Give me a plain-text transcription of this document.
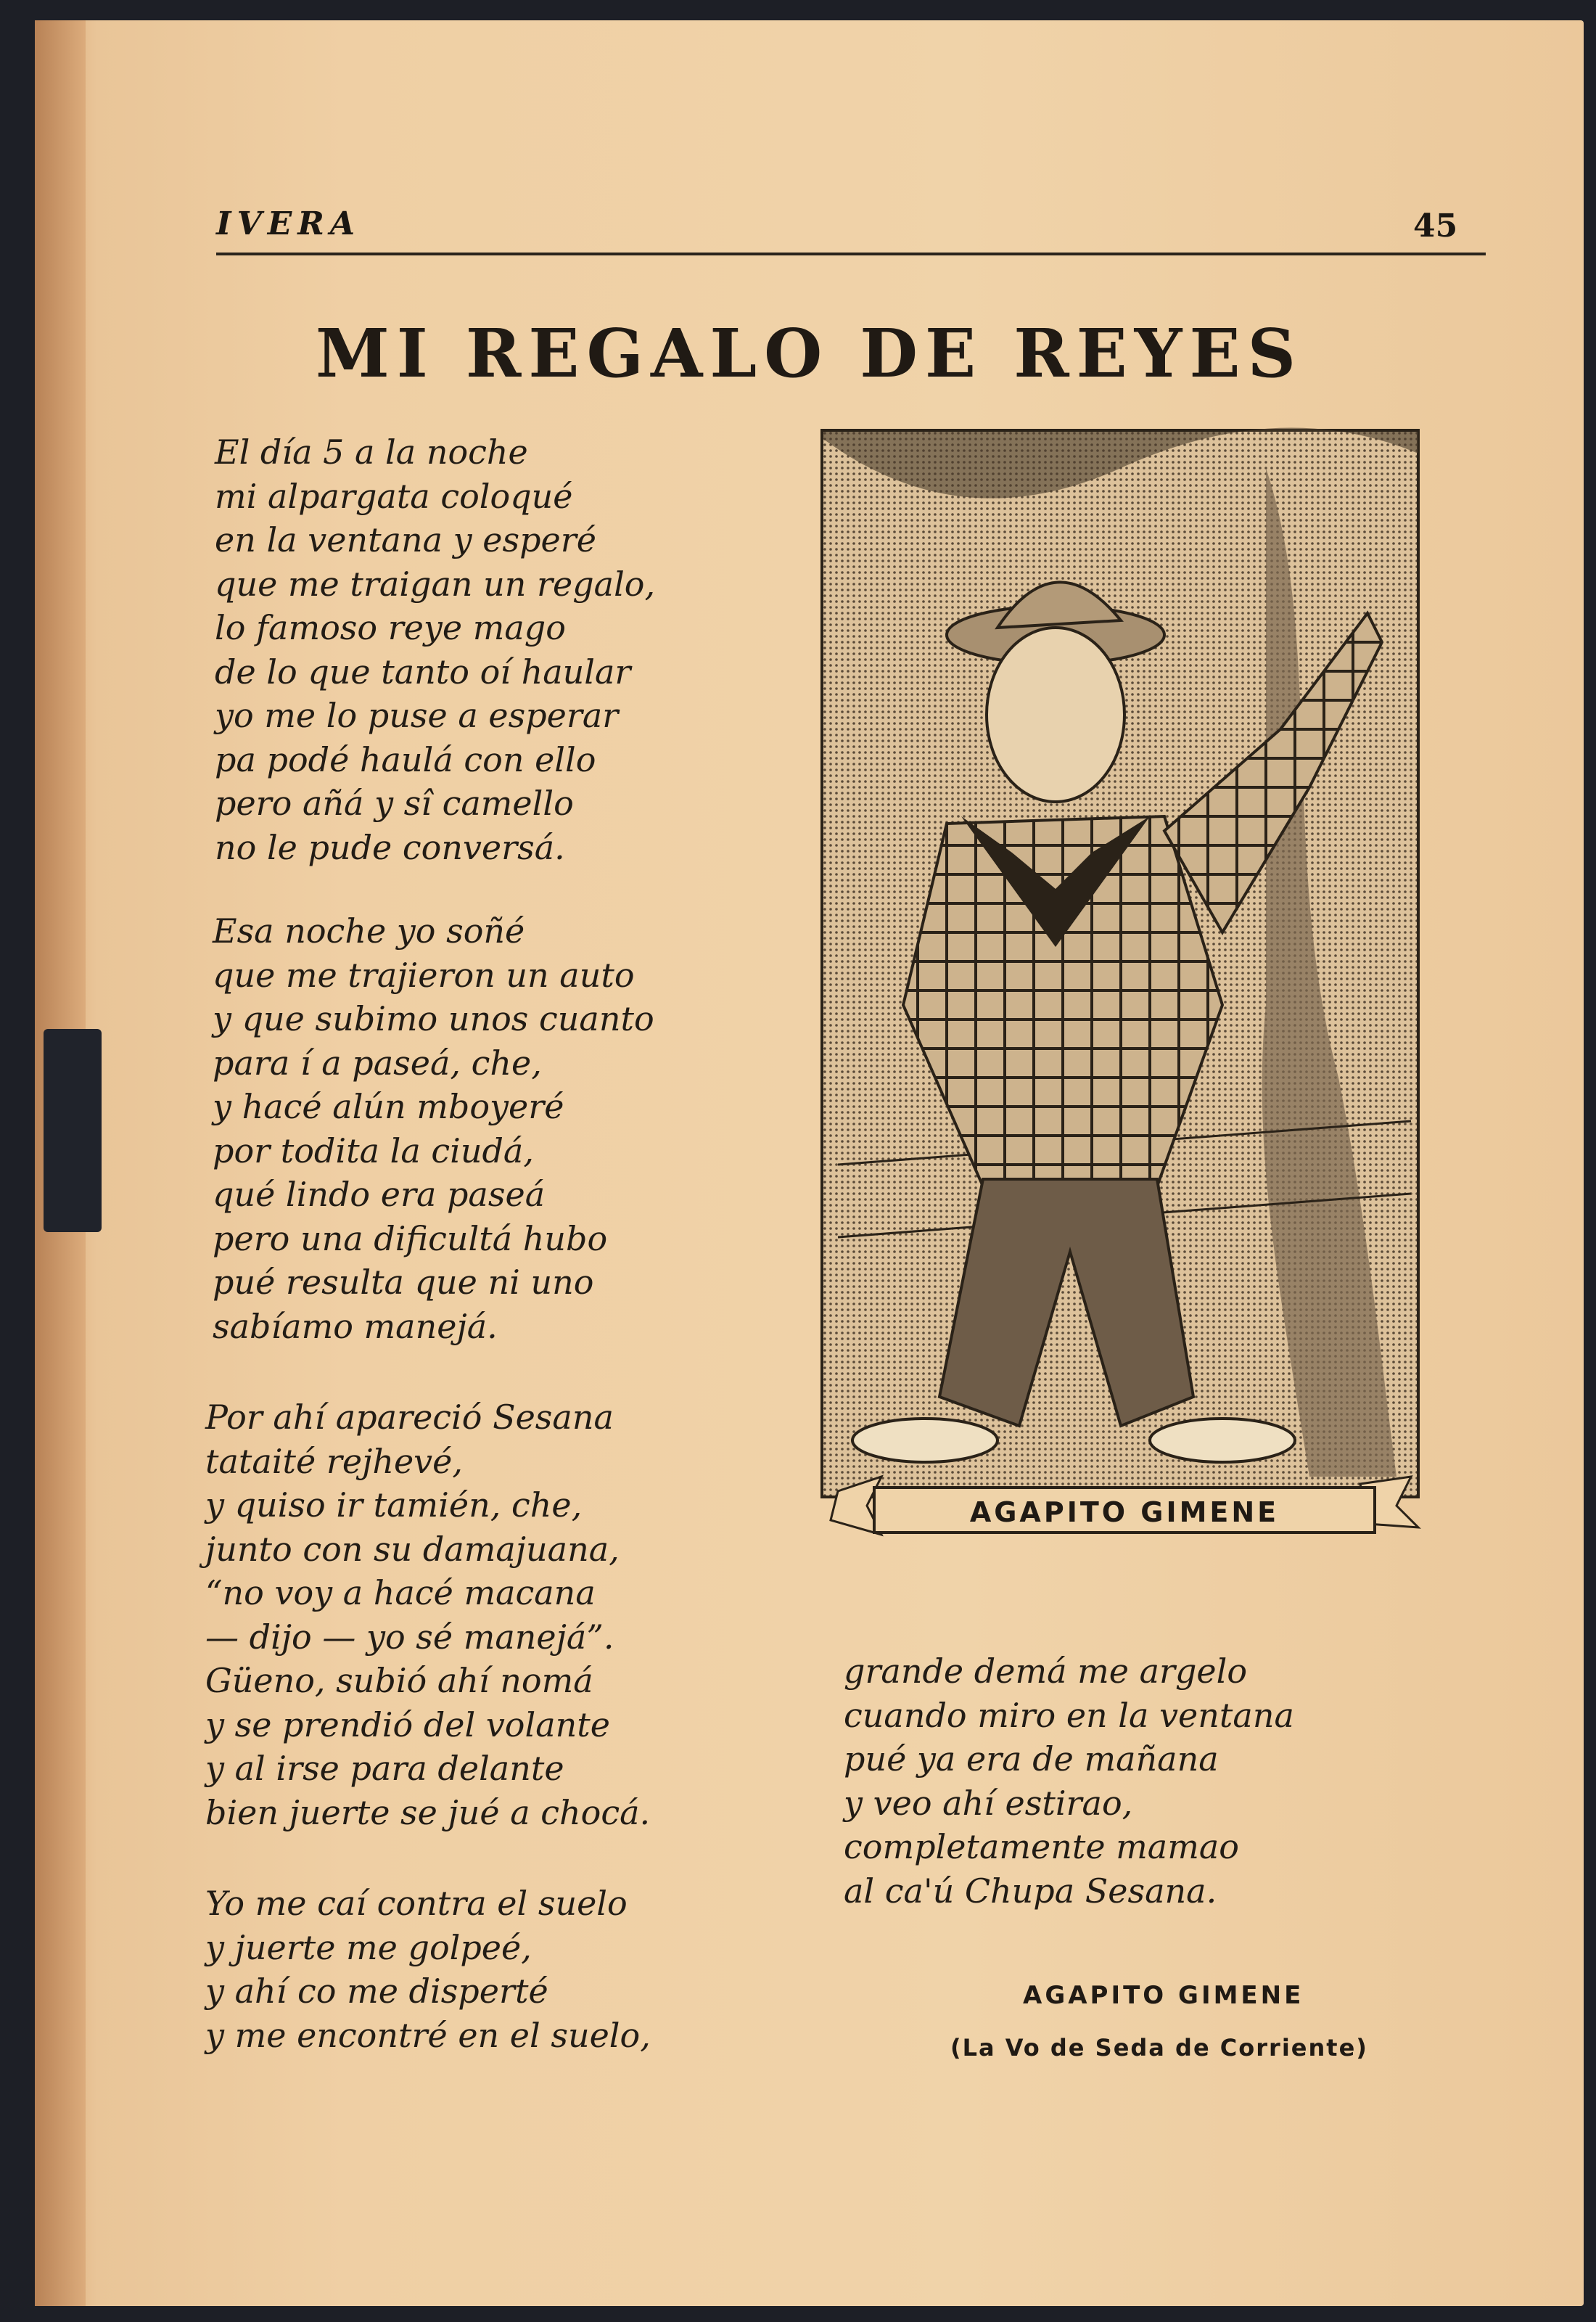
IVERA	45
MI REGALO DE REYES
El día 5 a la noche
mi alpargata coloqué
en la ventana y esperé
que me traigan un regalo,
lo famoso reye mago
de lo que tanto oí haular
yo me lo puse a esperar
pa podé haulá con ello
pero añá y sî camello
no le pude conversá.
Esa noche yo soñé
que me trajieron un auto
y que subimo unos cuanto
para í a paseá, che,
y hacé alún mboyeré
por todita la ciudá,
qué lindo era paseá
pero una dificultá hubo
pué resulta que ni uno
sabíamo manejá.
Por ahí apareció Sesana
tataité rejhevé,
y quiso ir tamién, che,
junto con su damajuana,
“no voy a hacé macana
— dijo — yo sé manejá”.
Güeno, subió ahí nomá
y se prendió del volante
y al irse para delante
bien juerte se jué a chocá.
Yo me caí contra el suelo
y juerte me golpeé,
y ahí co me disperté
y me encontré en el suelo,
grande demá me argelo
cuando miro en la ventana
pué ya era de mañana
y veo ahí estirao,
completamente mamao
al ca'ú Chupa Sesana.
AGAPITO GIMENE
AGAPITO GIMENE
(La Vo de Seda de Corriente)
